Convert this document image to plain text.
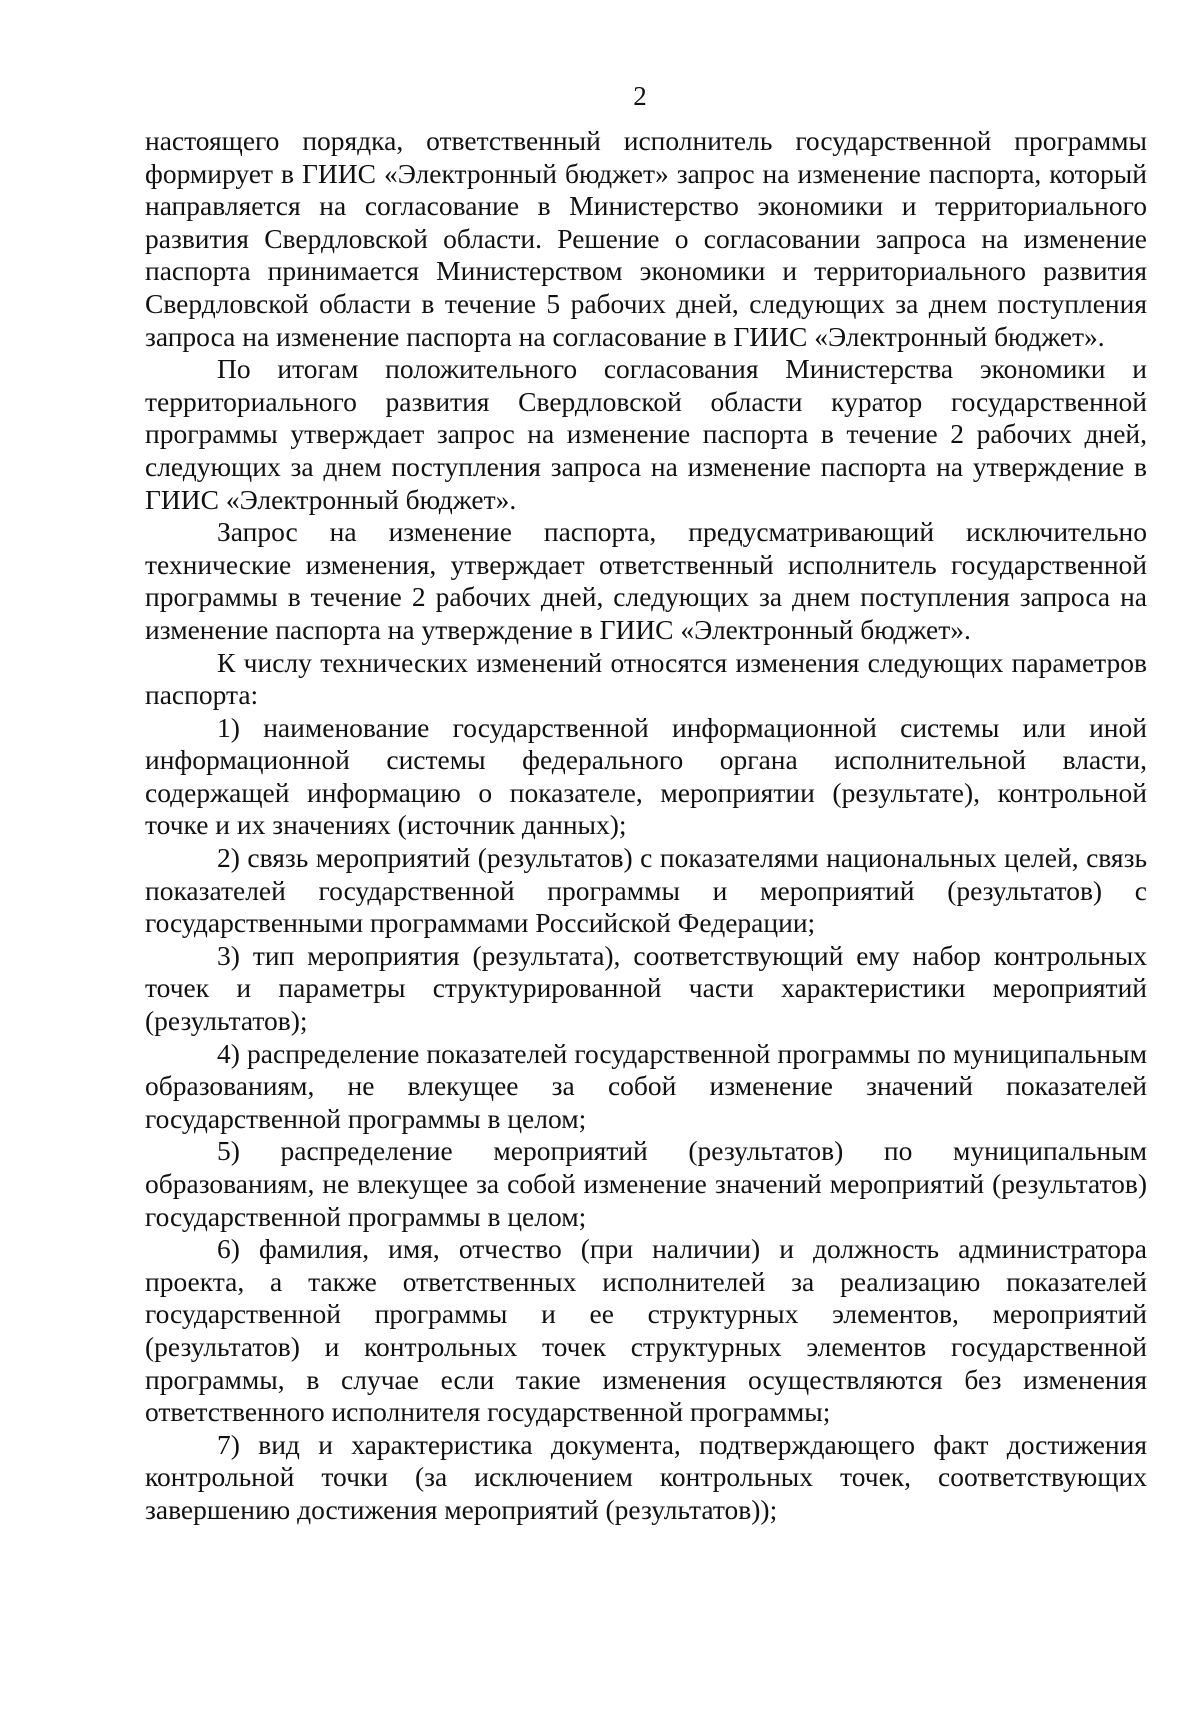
2

настоящего порядка, ответственный исполнитель государственной программы формирует в ГИИС «Электронный бюджет» запрос на изменение паспорта, который направляется на согласование в Министерство экономики и территориального развития Свердловской области. Решение о согласовании запроса на изменение паспорта принимается Министерством экономики и территориального развития Свердловской области в течение 5 рабочих дней, следующих за днем поступления запроса на изменение паспорта на согласование в ГИИС «Электронный бюджет».

По итогам положительного согласования Министерства экономики и территориального развития Свердловской области куратор государственной программы утверждает запрос на изменение паспорта в течение 2 рабочих дней, следующих за днем поступления запроса на изменение паспорта на утверждение в ГИИС «Электронный бюджет».

Запрос на изменение паспорта, предусматривающий исключительно технические изменения, утверждает ответственный исполнитель государственной программы в течение 2 рабочих дней, следующих за днем поступления запроса на изменение паспорта на утверждение в ГИИС «Электронный бюджет».

К числу технических изменений относятся изменения следующих параметров паспорта:

1) наименование государственной информационной системы или иной информационной системы федерального органа исполнительной власти, содержащей информацию о показателе, мероприятии (результате), контрольной точке и их значениях (источник данных);

2) связь мероприятий (результатов) с показателями национальных целей, связь показателей государственной программы и мероприятий (результатов) с государственными программами Российской Федерации;

3) тип мероприятия (результата), соответствующий ему набор контрольных точек и параметры структурированной части характеристики мероприятий (результатов);

4) распределение показателей государственной программы по муниципальным образованиям, не влекущее за собой изменение значений показателей государственной программы в целом;

5) распределение мероприятий (результатов) по муниципальным образованиям, не влекущее за собой изменение значений мероприятий (результатов) государственной программы в целом;

6) фамилия, имя, отчество (при наличии) и должность администратора проекта, а также ответственных исполнителей за реализацию показателей государственной программы и ее структурных элементов, мероприятий (результатов) и контрольных точек структурных элементов государственной программы, в случае если такие изменения осуществляются без изменения ответственного исполнителя государственной программы;

7) вид и характеристика документа, подтверждающего факт достижения контрольной точки (за исключением контрольных точек, соответствующих завершению достижения мероприятий (результатов));
